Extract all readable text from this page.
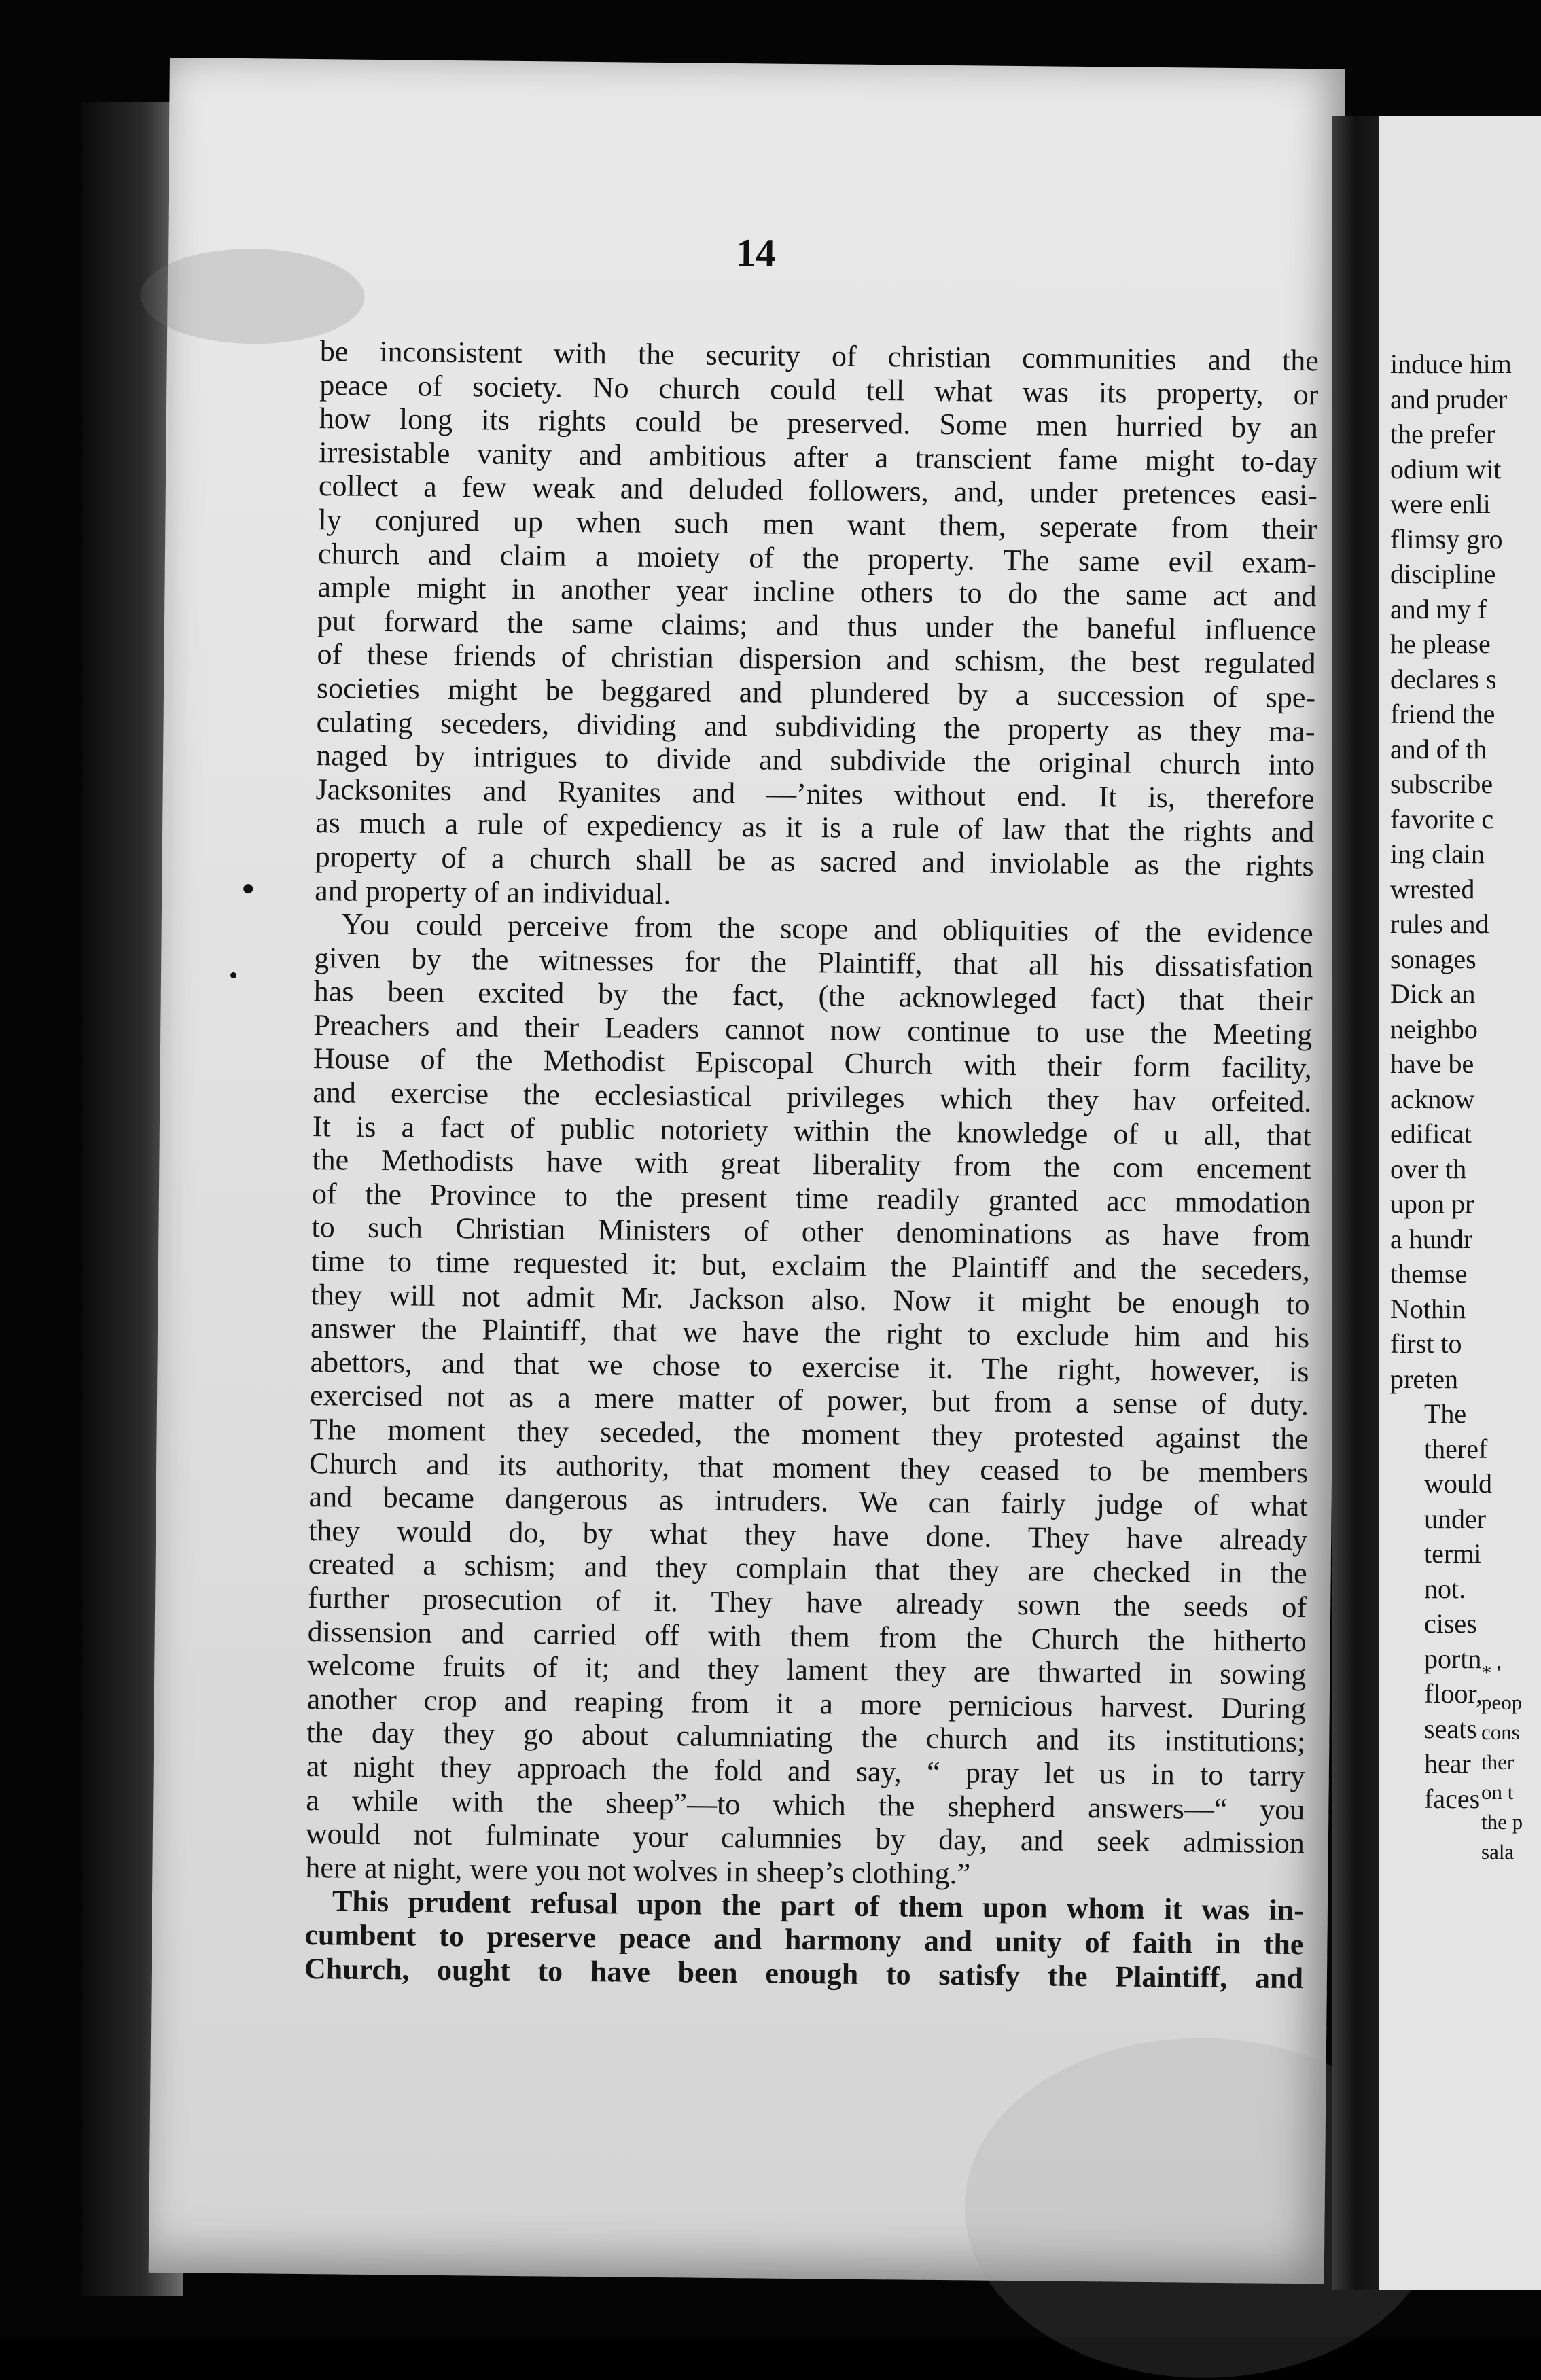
14
be inconsistent with the security of christian communities and the
peace of society. No church could tell what was its property, or
how long its rights could be preserved. Some men hurried by an
irresistable vanity and ambitious after a transcient fame might to-day
collect a few weak and deluded followers, and, under pretences easi-
ly conjured up when such men want them, seperate from their
church and claim a moiety of the property. The same evil exam-
ample might in another year incline others to do the same act and
put forward the same claims; and thus under the baneful influence
of these friends of christian dispersion and schism, the best regulated
societies might be beggared and plundered by a succession of spe-
culating seceders, dividing and subdividing the property as they ma-
naged by intrigues to divide and subdivide the original church into
Jacksonites and Ryanites and —’nites without end. It is, therefore
as much a rule of expediency as it is a rule of law that the rights and
property of a church shall be as sacred and inviolable as the rights
and property of an individual.
You could perceive from the scope and obliquities of the evidence
given by the witnesses for the Plaintiff, that all his dissatisfation
has been excited by the fact, (the acknowleged fact) that their
Preachers and their Leaders cannot now continue to use the Meeting
House of the Methodist Episcopal Church with their form facility,
and exercise the ecclesiastical privileges which they hav orfeited.
It is a fact of public notoriety within the knowledge of u all, that
the Methodists have with great liberality from the com encement
of the Province to the present time readily granted acc mmodation
to such Christian Ministers of other denominations as have from
time to time requested it: but, exclaim the Plaintiff and the seceders,
they will not admit Mr. Jackson also. Now it might be enough to
answer the Plaintiff, that we have the right to exclude him and his
abettors, and that we chose to exercise it. The right, however, is
exercised not as a mere matter of power, but from a sense of duty.
The moment they seceded, the moment they protested against the
Church and its authority, that moment they ceased to be members
and became dangerous as intruders. We can fairly judge of what
they would do, by what they have done. They have already
created a schism; and they complain that they are checked in the
further prosecution of it. They have already sown the seeds of
dissension and carried off with them from the Church the hitherto
welcome fruits of it; and they lament they are thwarted in sowing
another crop and reaping from it a more pernicious harvest. During
the day they go about calumniating the church and its institutions;
at night they approach the fold and say, “ pray let us in to tarry
a while with the sheep”—to which the shepherd answers—“ you
would not fulminate your calumnies by day, and seek admission
here at night, were you not wolves in sheep’s clothing.”
This prudent refusal upon the part of them upon whom it was in-
cumbent to preserve peace and harmony and unity of faith in the
Church, ought to have been enough to satisfy the Plaintiff, and
induce him
and pruder
the prefer
odium wit
were enli
flimsy gro
discipline
and my f
he please
declares s
friend the
and of th
subscribe
favorite c
ing clain
wrested
rules and
sonages
Dick an
neighbo
have be
acknow
edificat
over th
upon pr
a hundr
themse
Nothin
first to
preten
The
theref
would
under
termi
not.
cises
portn
floor,
seats
hear
faces
* '
peop
cons
ther
on t
the p
sala
